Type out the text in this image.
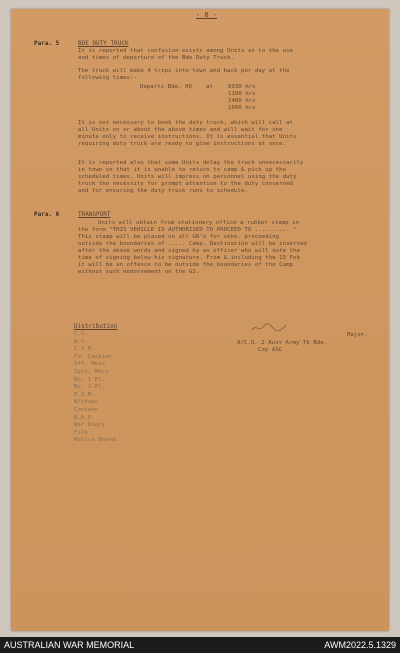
- 8 -
Para. 5	BDE DUTY TRUCK
It is reported that confusion exists among Units as to the use
and times of departure of the Bde Duty Truck.
The truck will make 4 trips into town and back per day at the
following times:-
Departs Bde. HQ at	0930 hrs
1100 hrs
1400 hrs
1600 hrs
It is not necessary to book the duty truck, which will call at
all Units on or about the above times and will wait for one
minute only to receive instructions. It is essential that Units
requiring duty truck are ready to give instructions at once.
It is reported also that some Units delay the truck unnecessarily
in town so that it is unable to return to camp & pick up the
scheduled times. Units will impress on personnel using the duty
truck the necessity for prompt attention to the duty concerned
and for ensuring the duty truck runs to schedule.
Para. 6	TRANSPORT
Units will obtain from stationery office a rubber stamp in
the form "THIS VEHICLE IS AUTHORISED TO PROCEED TO .......... "
This stamp will be placed on all GR's for vehs. proceeding
outside the boundaries of ..... Camp. Destination will be inserted
after the above words and signed by an officer who will note the
time of signing below his signature. From & including the 15 Feb
it will be an offence to be outside the boundaries of the Camp
without such endorsement on the G2.
Major.
A/C.O. 2 Aust Army Tk Bde.
Coy ASC
Distribution
C.O.
W.O.
C.S.M.
Fd. Cashier
Off. Mess
Sgts. Mess
No. 1 Pl.
No. 2 Pl.
R.Q.M.
W/shops
Canteen
R.A.P.
War Diary
File
Notice Board.
AUSTRALIAN WAR MEMORIAL	AWM2022.5.1329
